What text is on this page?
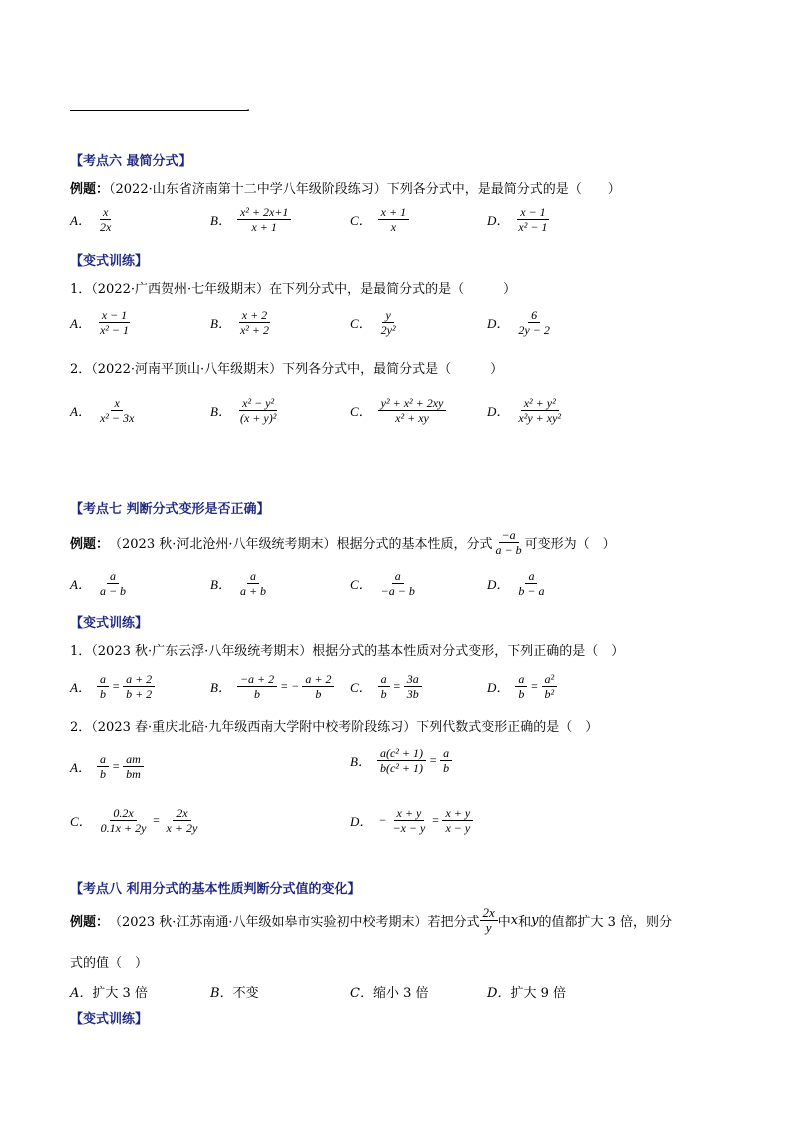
.
【考点六 最简分式】
例题：（2022·山东省济南第十二中学八年级阶段练习）下列各分式中，是最简分式的是（　　）
A． $\frac{x}{2x}$	B． $\frac{\text{x² + 2x+1}}{x + 1}$	C． $\frac{x + 1}{x}$	D． $\frac{x - 1}{\text{x² − 1}}$
【变式训练】
1．（2022·广西贺州·七年级期末）在下列分式中，是最简分式的是（　　　）
A． $\frac{x - 1}{\text{x² − 1}}$	B． $\frac{x + 2}{\text{x² + 2}}$	C． $\frac{y}{\text{2y²}}$	D． $\frac{6}{2y - 2}$
2．（2022·河南平顶山·八年级期末）下列各分式中，最简分式是（　　　）
A． $\frac{x}{\text{x² − 3x}}$	B． $\frac{\text{x² − y²}}{\text{(x + y)²}}$	C． $\frac{\text{y² + x² + 2xy}}{\text{x² + xy}}$	D． $\frac{\text{x² + y²}}{\text{x²y + xy²}}$
【考点七 判断分式变形是否正确】
例题： （2023 秋·河北沧州·八年级统考期末）根据分式的基本性质，分式 $\frac{-a}{a - b}$ 可变形为（　）
A． $\frac{a}{a - b}$	B． $\frac{a}{a + b}$	C． $\frac{a}{-a - b}$	D． $\frac{a}{b - a}$
【变式训练】
1．（2023 秋·广东云浮·八年级统考期末）根据分式的基本性质对分式变形，下列正确的是（　）
A． $\frac{a}{b} = \frac{a + 2}{b + 2}$	B． $\frac{-a + 2}{b}$ = − $\frac{a + 2}{b}$ C． $\frac{a}{b} = \frac{3a}{3b}$	D． $\frac{a}{b} = \frac{\text{a²}}{\text{b²}}$
2．（2023 春·重庆北碚·九年级西南大学附中校考阶段练习）下列代数式变形正确的是（　）
A． $\frac{a}{b} = \frac{am}{bm}$	B． $\frac{\text{a(c² + 1)}}{\text{b(c² + 1)}} = \frac{a}{b}$
C． $\frac{0.2x}{0.1x + 2y} = \frac{2x}{x + 2y}$	D． − $\frac{x + y}{-x - y} = \frac{x + y}{x - y}$
【考点八 利用分式的基本性质判断分式值的变化】
例题： （2023 秋·江苏南通·八年级如皋市实验初中校考期末）若把分式 $\frac{2x}{y}$ 中 x 和 y 的值都扩大 3 倍，则分
式的值（　）
A．扩大 3 倍	B．不变	C．缩小 3 倍	D．扩大 9 倍
【变式训练】
